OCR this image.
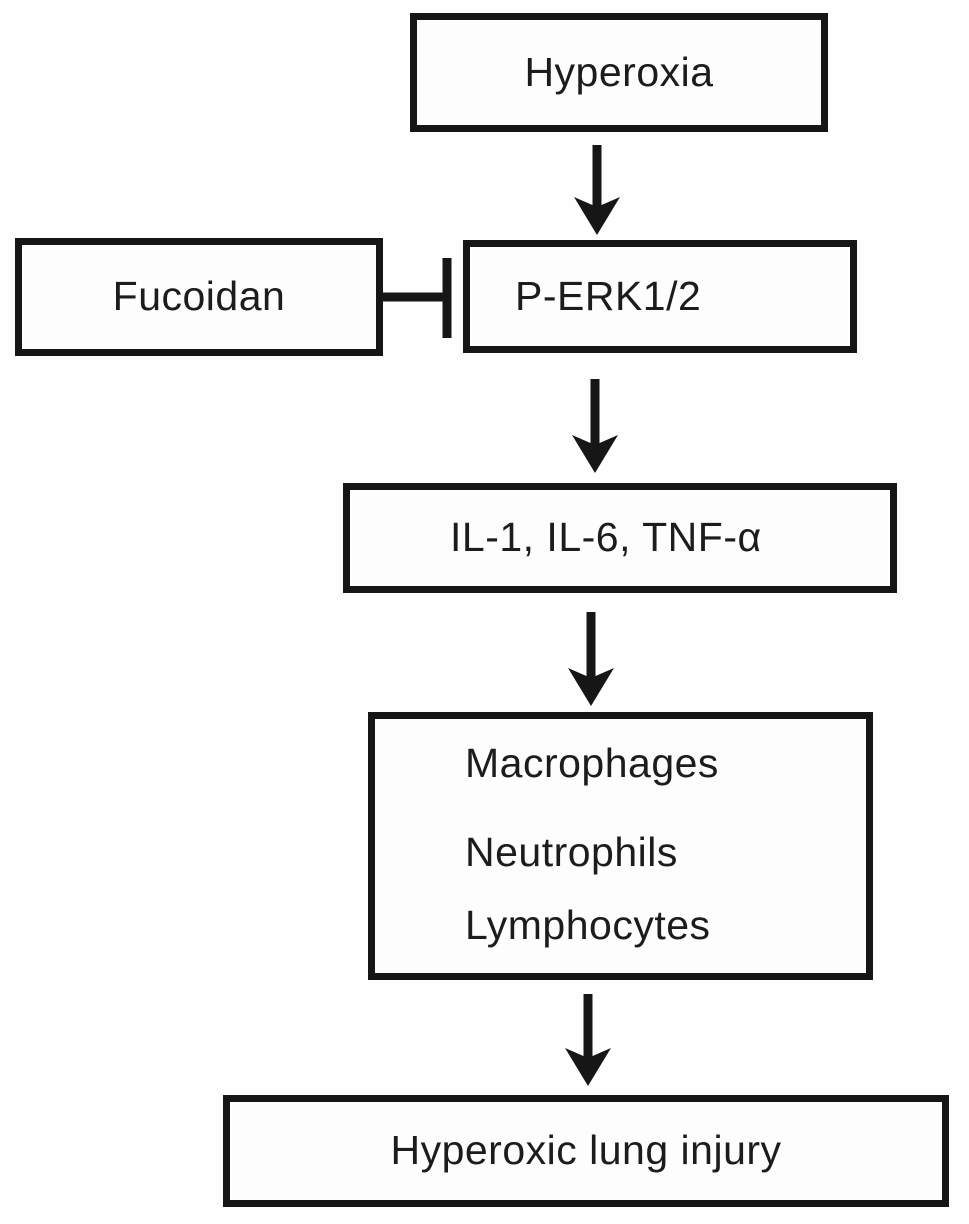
Hyperoxia
Fucoidan	P-ERK1/2
IL-1, IL-6, TNF-α
Macrophages
Neutrophils
Lymphocytes
Hyperoxic lung injury
